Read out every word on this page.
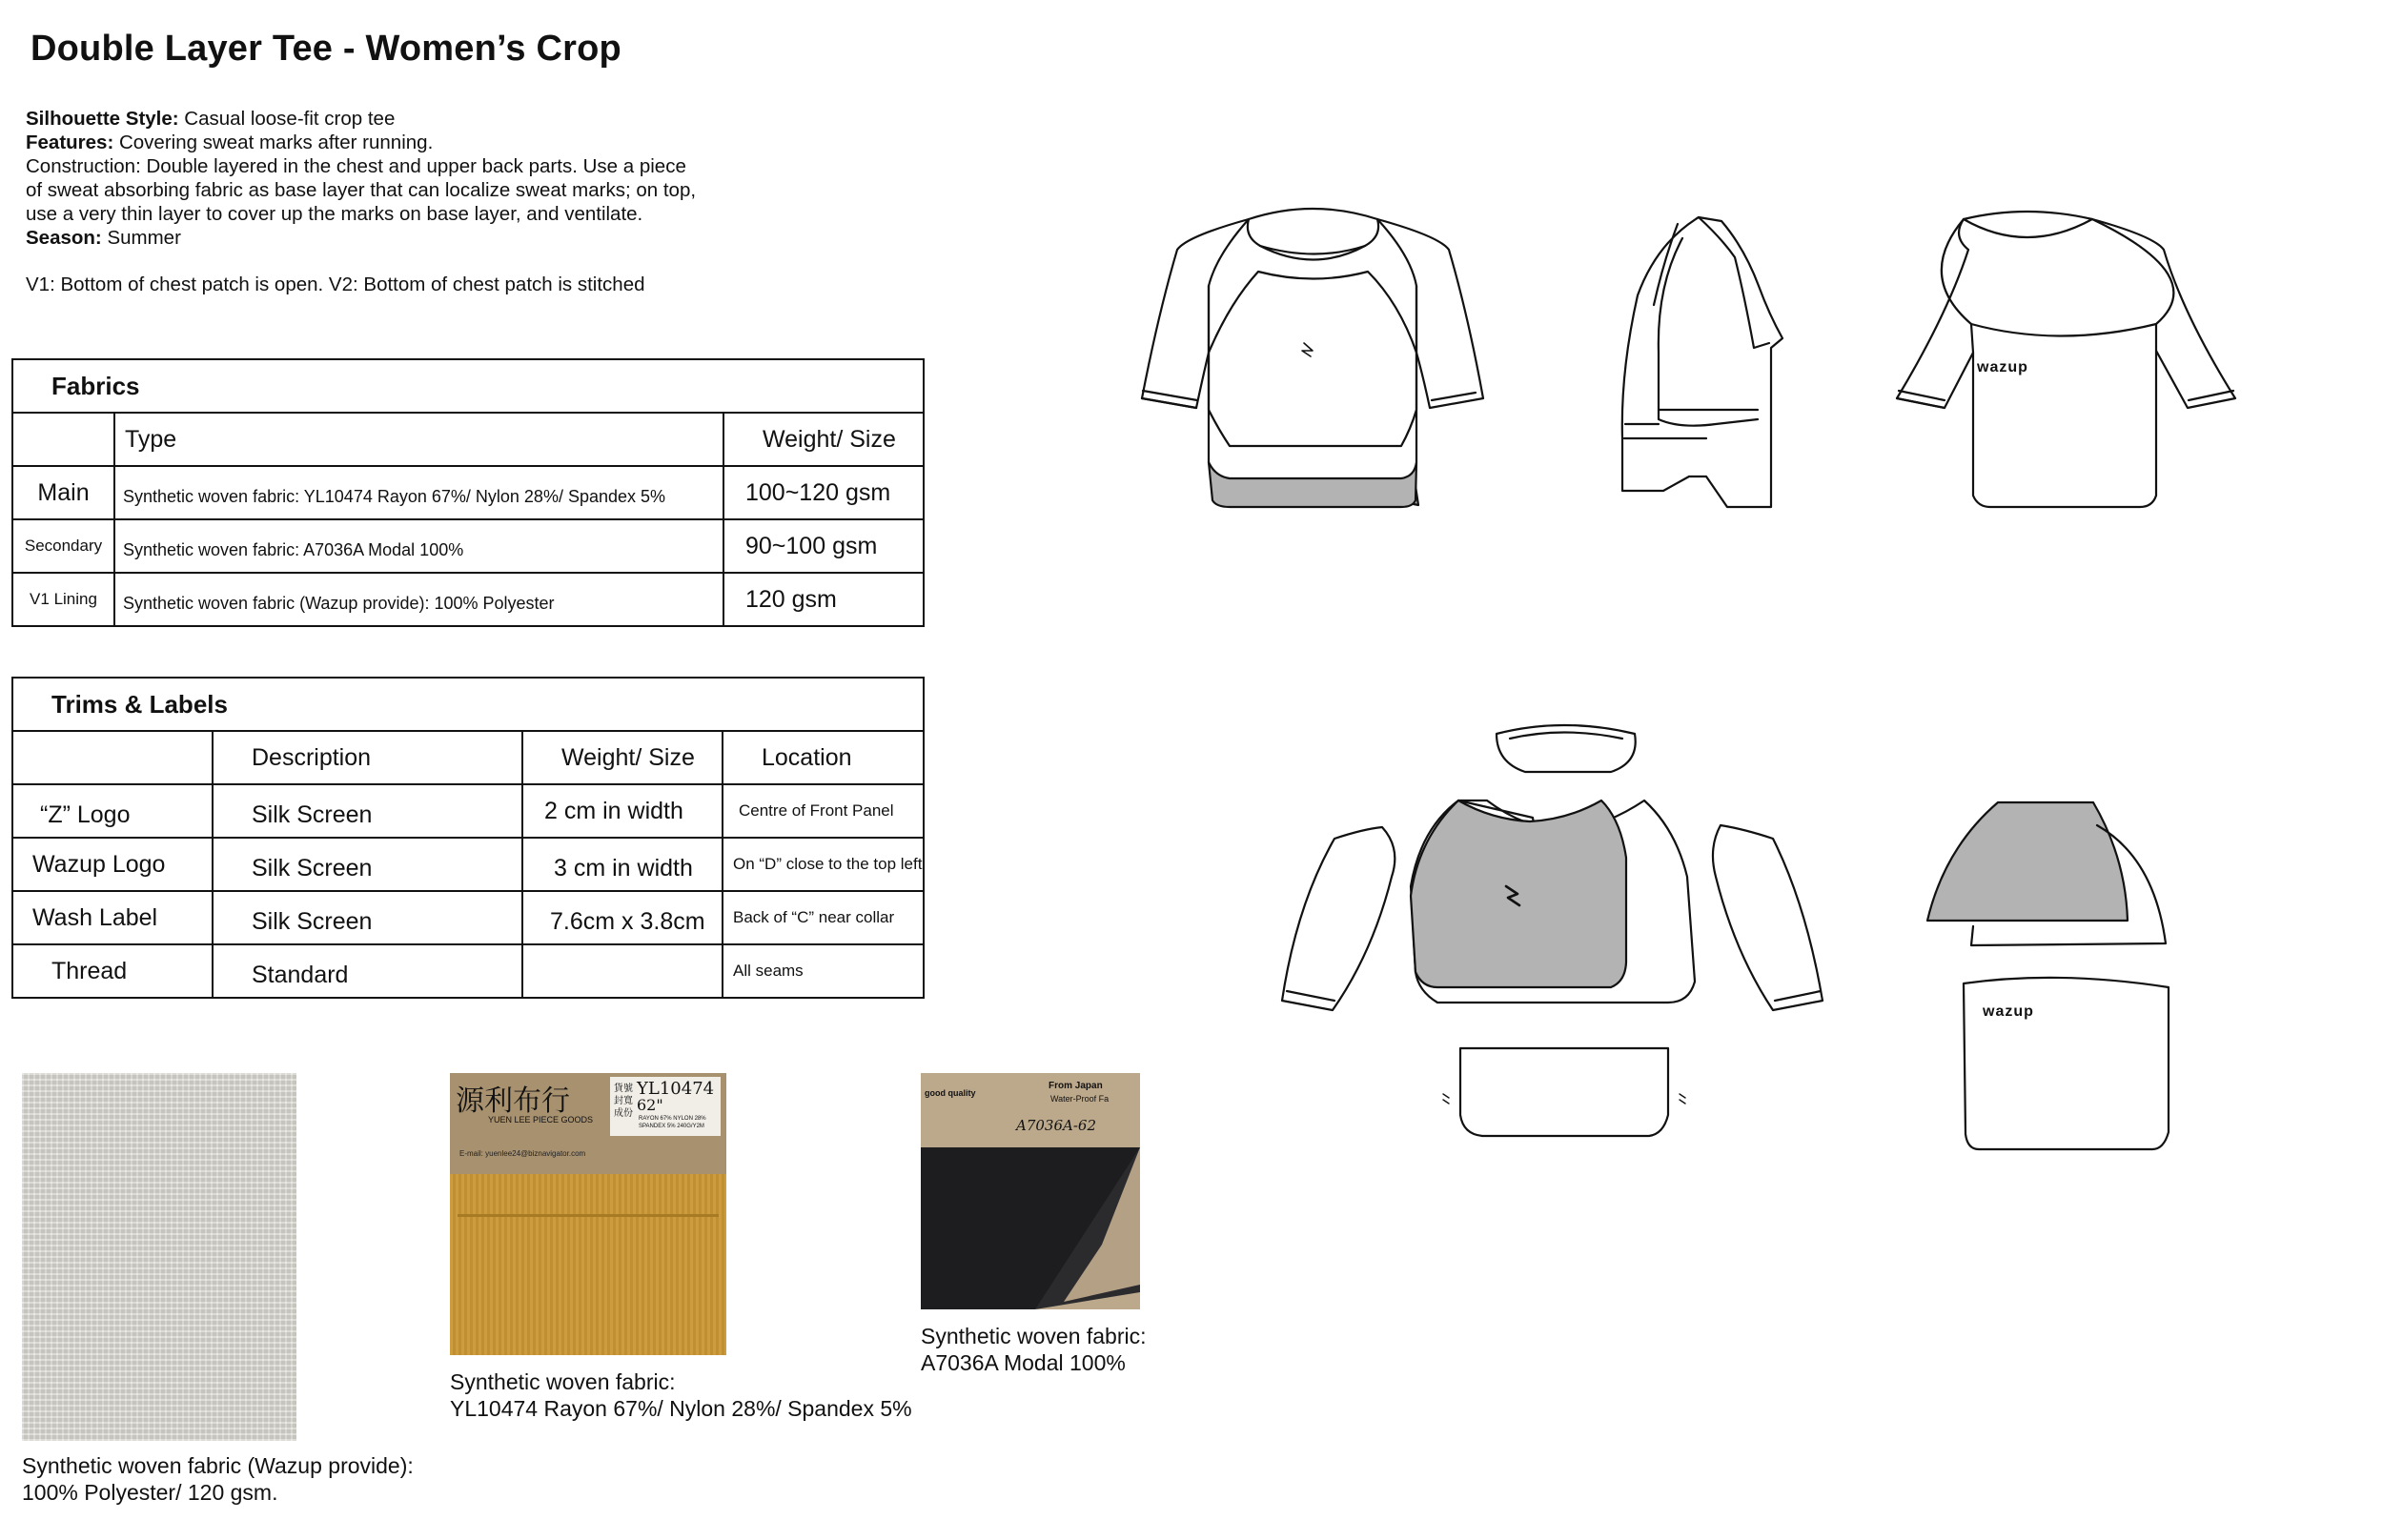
Double Layer Tee - Women’s Crop
Silhouette Style: Casual loose-fit crop tee
Features: Covering sweat marks after running.
Construction: Double layered in the chest and upper back parts. Use a piece
of sweat absorbing fabric as base layer that can localize sweat marks; on top,
use a very thin layer to cover up the marks on base layer, and ventilate.
Season: Summer
V1: Bottom of chest patch is open. V2: Bottom of chest patch is stitched
Fabrics		
	Type	Weight/ Size
Main	Synthetic woven fabric: YL10474 Rayon 67%/ Nylon 28%/ Spandex 5%	100~120 gsm
Secondary	Synthetic woven fabric: A7036A Modal 100%	90~100 gsm
V1 Lining	Synthetic woven fabric (Wazup provide): 100% Polyester	120 gsm
Trims & Labels			
	Description	Weight/ Size	Location
“Z” Logo	Silk Screen	2 cm in width	Centre of Front Panel
Wazup Logo	Silk Screen	3 cm in width	On “D” close to the top left
Wash Label	Silk Screen	7.6cm x 3.8cm	Back of “C” near collar
Thread	Standard		All seams
wazup
wazup
Synthetic woven fabric (Wazup provide):
100% Polyester/ 120 gsm.
源利布行
YUEN LEE PIECE GOODS
貨號
封寬
成份
YL10474
62"
RAYON 67% NYLON 28%
SPANDEX 5% 240G/Y2M
E-mail: yuenlee24@biznavigator.com
Synthetic woven fabric:
YL10474 Rayon 67%/ Nylon 28%/ Spandex 5%
good quality
From Japan
Water-Proof Fa
A7036A-62
Synthetic woven fabric:
A7036A Modal 100%
